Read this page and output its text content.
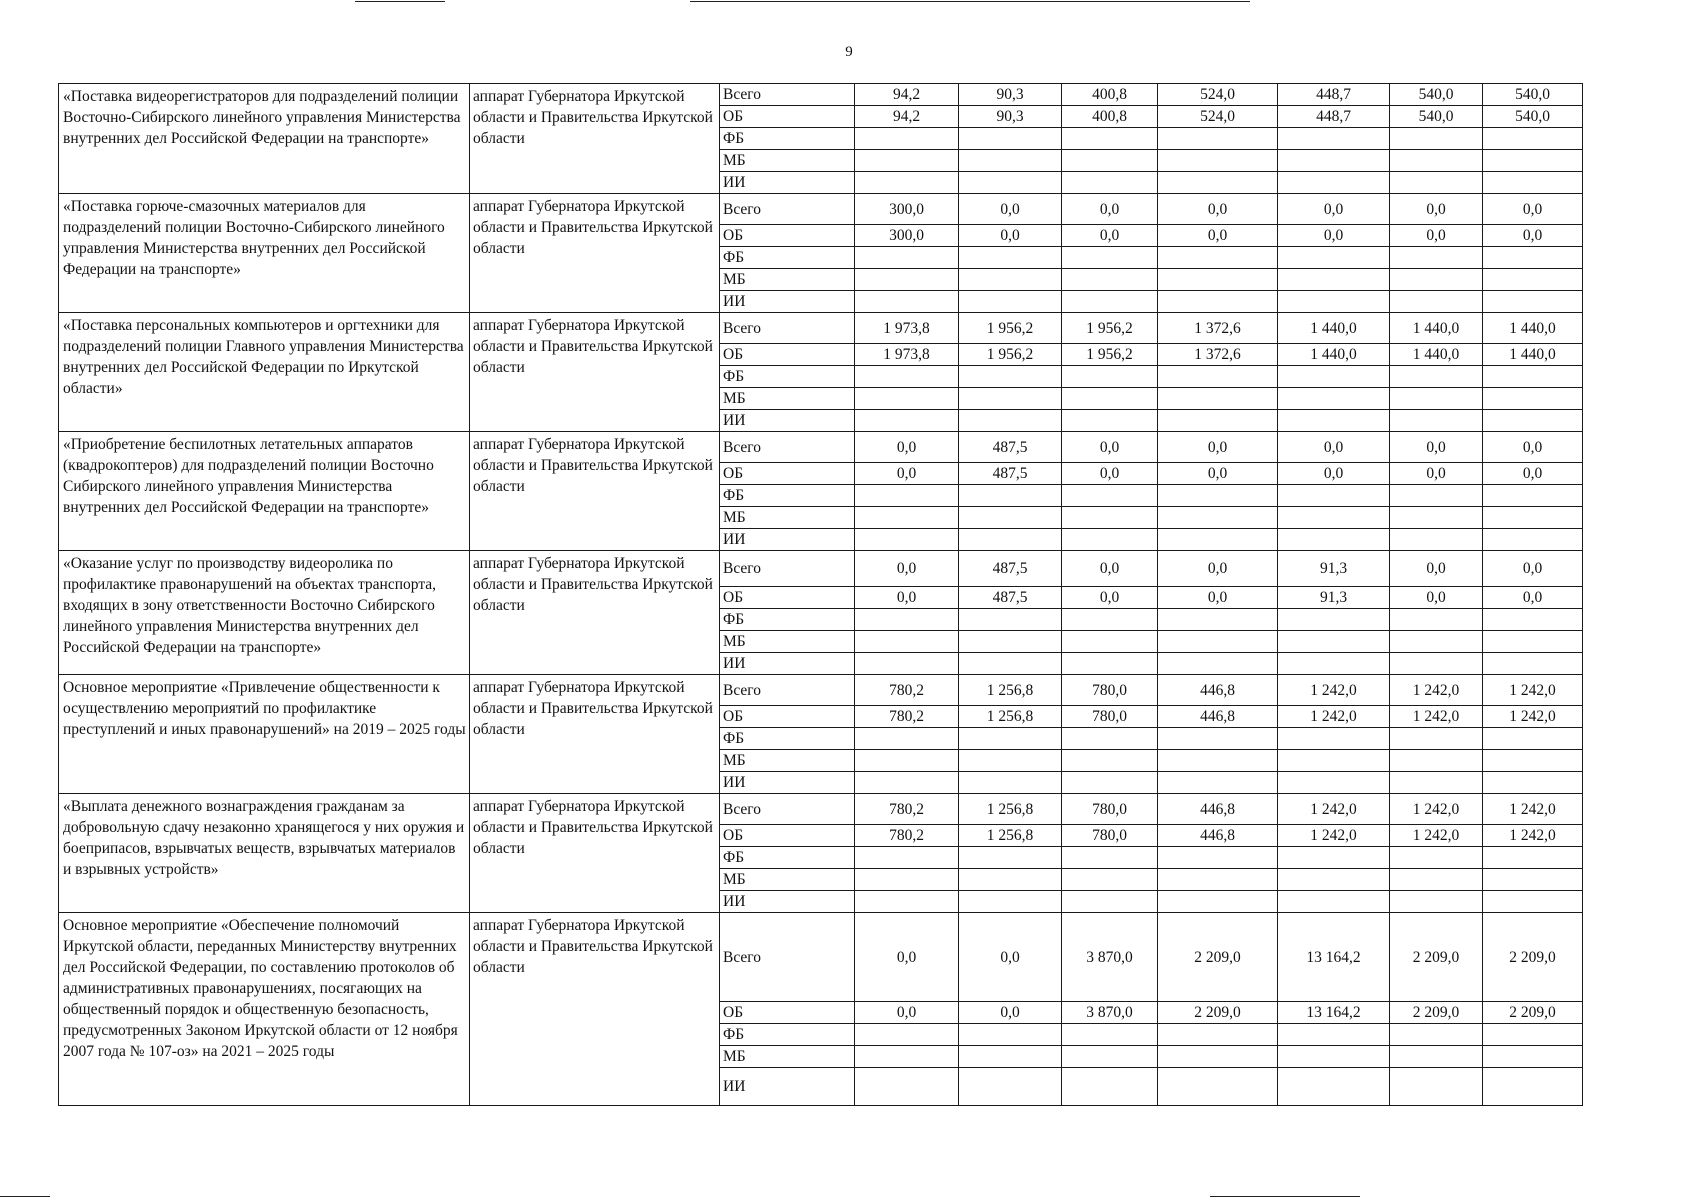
9
«Поставка видеорегистраторов для подразделений полиции Восточно-Сибирского линейного управления Министерства внутренних дел Российской Федерации на транспорте»	аппарат Губернатора Иркутской области и Правительства Иркутской области	Всего	94,2	90,3	400,8	524,0	448,7	540,0	540,0
		ОБ	94,2	90,3	400,8	524,0	448,7	540,0	540,0
		ФБ							
		МБ							
		ИИ							
«Поставка горюче-смазочных материалов для подразделений полиции Восточно-Сибирского линейного управления Министерства внутренних дел Российской Федерации на транспорте»	аппарат Губернатора Иркутской области и Правительства Иркутской области	Всего	300,0	0,0	0,0	0,0	0,0	0,0	0,0
		ОБ	300,0	0,0	0,0	0,0	0,0	0,0	0,0
		ФБ							
		МБ							
		ИИ							
«Поставка персональных компьютеров и оргтехники для подразделений полиции Главного управления Министерства внутренних дел Российской Федерации по Иркутской области»	аппарат Губернатора Иркутской области и Правительства Иркутской области	Всего	1 973,8	1 956,2	1 956,2	1 372,6	1 440,0	1 440,0	1 440,0
		ОБ	1 973,8	1 956,2	1 956,2	1 372,6	1 440,0	1 440,0	1 440,0
		ФБ							
		МБ							
		ИИ							
«Приобретение беспилотных летательных аппаратов (квадрокоптеров) для подразделений полиции Восточно Сибирского линейного управления Министерства внутренних дел Российской Федерации на транспорте»	аппарат Губернатора Иркутской области и Правительства Иркутской области	Всего	0,0	487,5	0,0	0,0	0,0	0,0	0,0
		ОБ	0,0	487,5	0,0	0,0	0,0	0,0	0,0
		ФБ							
		МБ							
		ИИ							
«Оказание услуг по производству видеоролика по профилактике правонарушений на объектах транспорта, входящих в зону ответственности Восточно Сибирского линейного управления Министерства внутренних дел Российской Федерации на транспорте»	аппарат Губернатора Иркутской области и Правительства Иркутской области	Всего	0,0	487,5	0,0	0,0	91,3	0,0	0,0
		ОБ	0,0	487,5	0,0	0,0	91,3	0,0	0,0
		ФБ							
		МБ							
		ИИ							
Основное мероприятие «Привлечение общественности к осуществлению мероприятий по профилактике преступлений и иных правонарушений» на 2019 – 2025 годы	аппарат Губернатора Иркутской области и Правительства Иркутской области	Всего	780,2	1 256,8	780,0	446,8	1 242,0	1 242,0	1 242,0
		ОБ	780,2	1 256,8	780,0	446,8	1 242,0	1 242,0	1 242,0
		ФБ							
		МБ							
		ИИ							
«Выплата денежного вознаграждения гражданам за добровольную сдачу незаконно хранящегося у них оружия и боеприпасов, взрывчатых веществ, взрывчатых материалов и взрывных устройств»	аппарат Губернатора Иркутской области и Правительства Иркутской области	Всего	780,2	1 256,8	780,0	446,8	1 242,0	1 242,0	1 242,0
		ОБ	780,2	1 256,8	780,0	446,8	1 242,0	1 242,0	1 242,0
		ФБ							
		МБ							
		ИИ							
Основное мероприятие «Обеспечение полномочий Иркутской области, переданных Министерству внутренних дел Российской Федерации, по составлению протоколов об административных правонарушениях, посягающих на общественный порядок и общественную безопасность, предусмотренных Законом Иркутской области от 12 ноября 2007 года № 107-оз» на 2021 – 2025 годы	аппарат Губернатора Иркутской области и Правительства Иркутской области	Всего	0,0	0,0	3 870,0	2 209,0	13 164,2	2 209,0	2 209,0
		ОБ	0,0	0,0	3 870,0	2 209,0	13 164,2	2 209,0	2 209,0
		ФБ							
		МБ							
		ИИ							
